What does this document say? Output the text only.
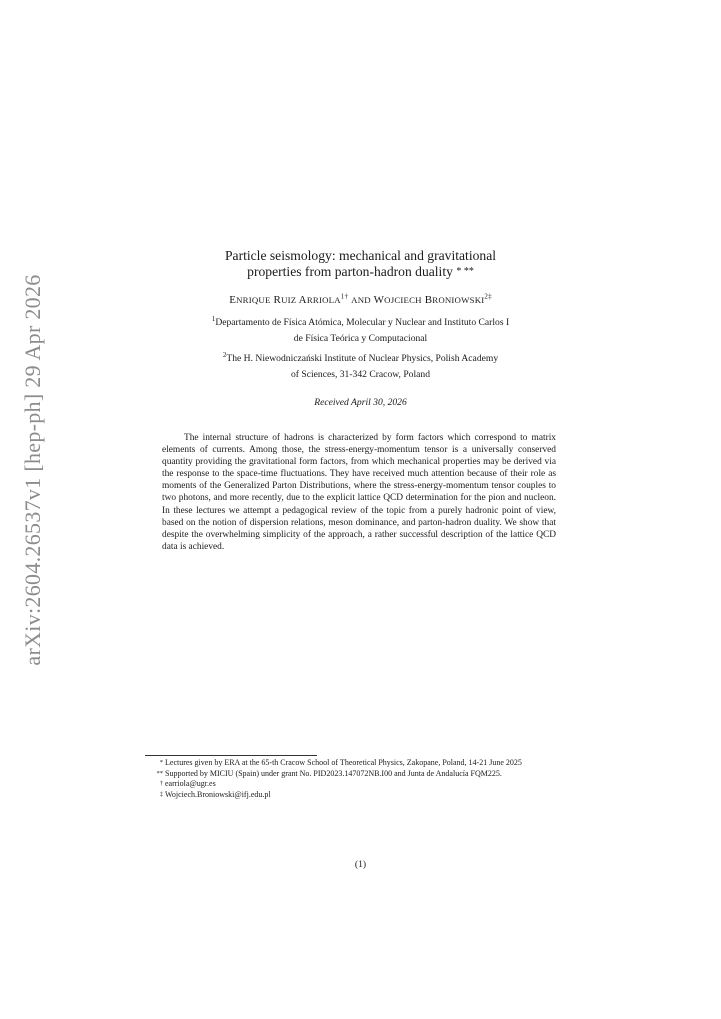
arXiv:2604.26537v1 [hep-ph] 29 Apr 2026
Particle seismology: mechanical and gravitational
properties from parton-hadron duality * **
ENRIQUE RUIZ $ARRIOLA^{1\dagger}$ AND WOJCIECH $BRONIOWSKI^{2\ddagger}$
$^1$Departamento de Física Atómica, Molecular y Nuclear and Instituto Carlos I
de Física Teórica y Computacional
$^2$The H. Niewodniczański Institute of Nuclear Physics, Polish Academy
of Sciences, 31-342 Cracow, Poland
Received April 30, 2026
The internal structure of hadrons is characterized by form factors which correspond to matrix elements of currents. Among those, the stress-energy-momentum tensor is a universally conserved quantity providing the gravitational form factors, from which mechanical properties may be derived via the response to the space-time fluctuations. They have received much attention because of their role as moments of the Generalized Parton Distributions, where the stress-energy-momentum tensor couples to two photons, and more recently, due to the explicit lattice QCD determination for the pion and nucleon. In these lectures we attempt a pedagogical review of the topic from a purely hadronic point of view, based on the notion of dispersion relations, meson dominance, and parton-hadron duality. We show that despite the overwhelming simplicity of the approach, a rather successful description of the lattice QCD data is achieved.
* Lectures given by ERA at the 65-th Cracow School of Theoretical Physics, Zakopane, Poland, 14-21 June 2025
** Supported by MICIU (Spain) under grant No. PID2023.147072NB.I00 and Junta de Andalucía FQM225.
† earriola@ugr.es
‡ Wojciech.Broniowski@ifj.edu.pl
(1)
